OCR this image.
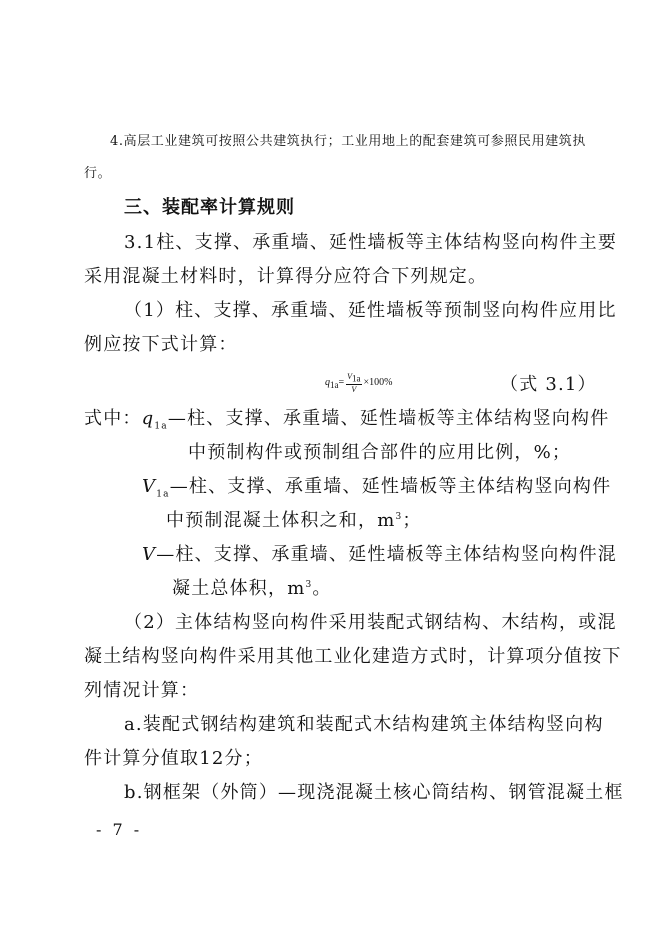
4.高层工业建筑可按照公共建筑执行；工业用地上的配套建筑可参照民用建筑执
行。
三、装配率计算规则
3.1柱、支撑、承重墙、延性墙板等主体结构竖向构件主要
采用混凝土材料时，计算得分应符合下列规定。
（1）柱、支撑、承重墙、延性墙板等预制竖向构件应用比
例应按下式计算：
$q_{1a}= \frac{V_{1a}}{V} \times 100\%$	（式 3.1）
式中：$q_{1a}—$柱、支撑、承重墙、延性墙板等主体结构竖向构件
中预制构件或预制组合部件的应用比例，%；
$V_{1a}—$柱、支撑、承重墙、延性墙板等主体结构竖向构件
中预制混凝土体积之和，$m^3$；
V—柱、支撑、承重墙、延性墙板等主体结构竖向构件混
凝土总体积，$m^3$。
（2）主体结构竖向构件采用装配式钢结构、木结构，或混
凝土结构竖向构件采用其他工业化建造方式时，计算项分值按下
列情况计算：
a.装配式钢结构建筑和装配式木结构建筑主体结构竖向构
件计算分值取12分；
b.钢框架（外筒）—现浇混凝土核心筒结构、钢管混凝土框
- 7 -
